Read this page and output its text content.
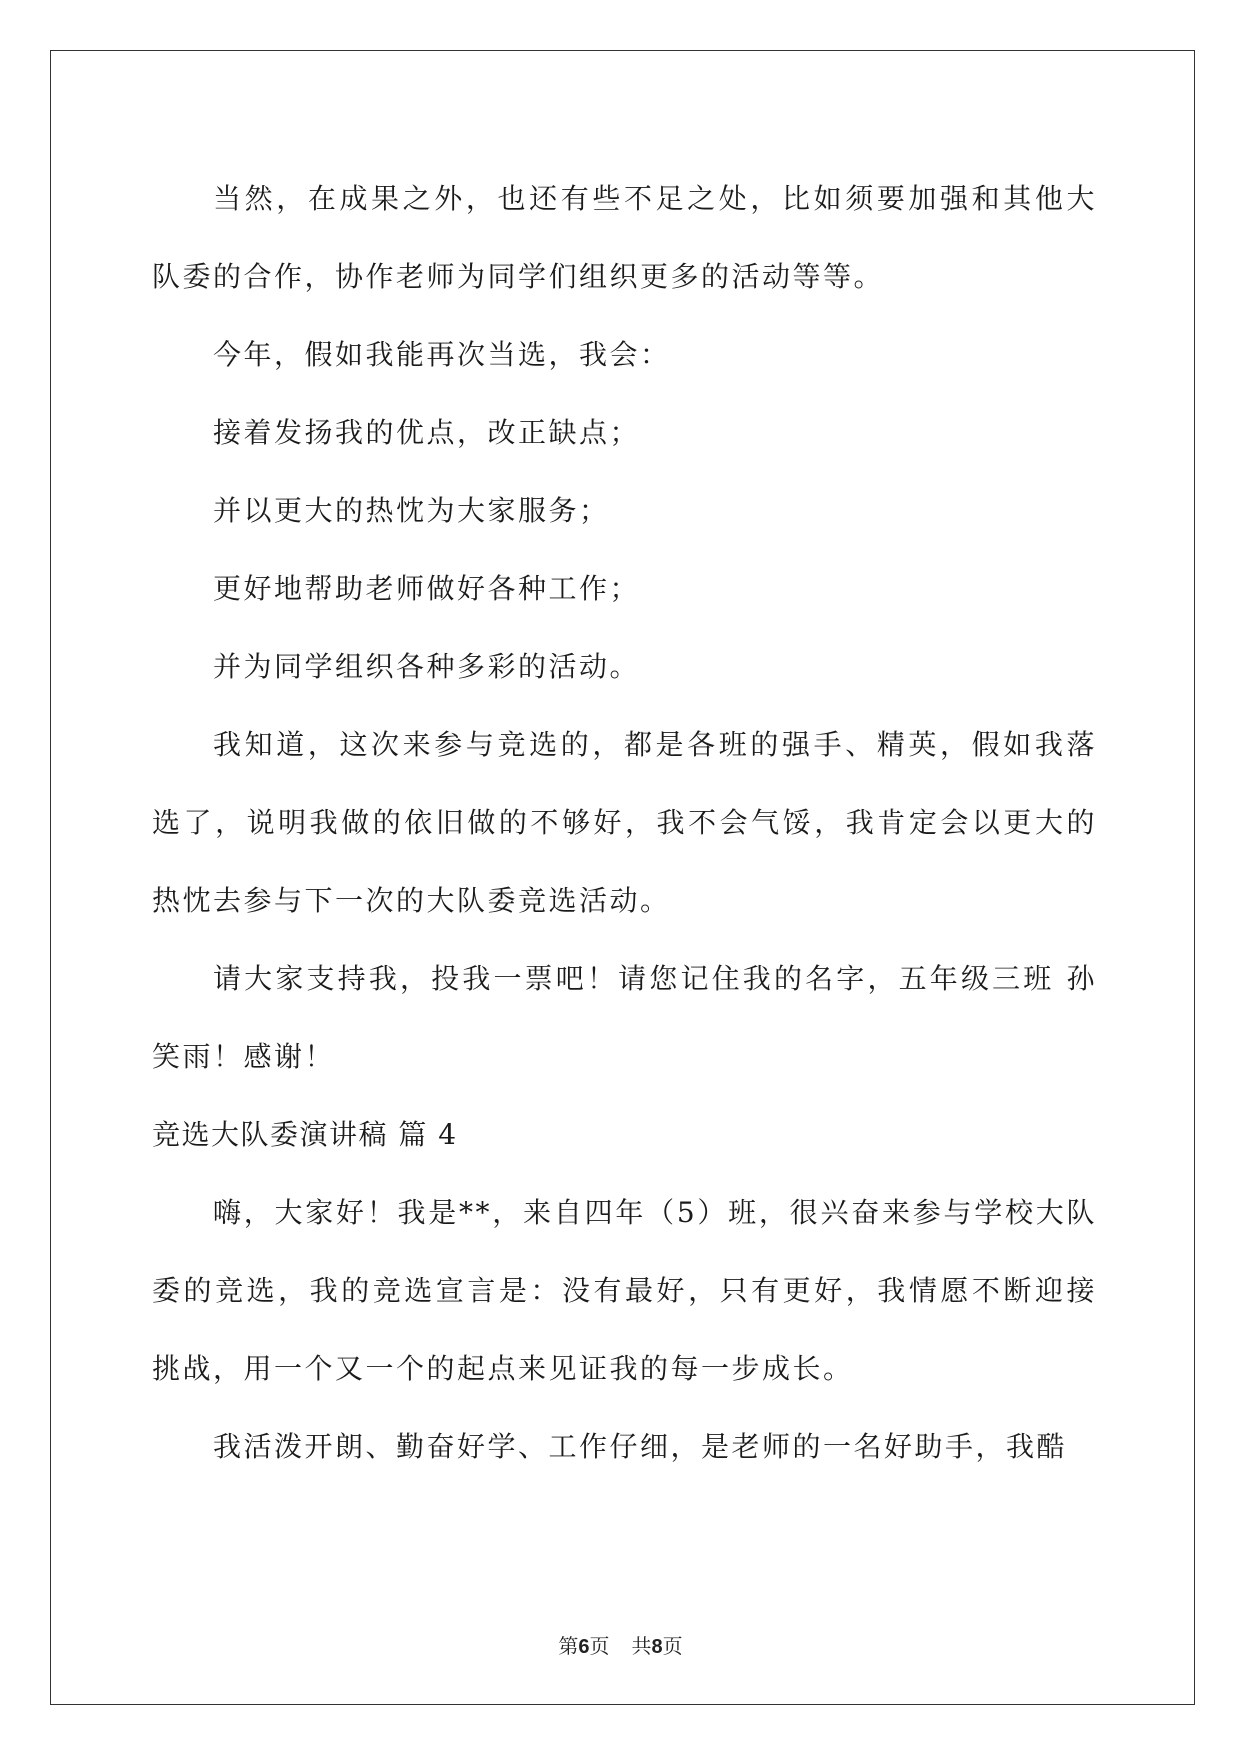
当然，在成果之外，也还有些不足之处，比如须要加强和其他大队委的合作，协作老师为同学们组织更多的活动等等。

今年，假如我能再次当选，我会：

接着发扬我的优点，改正缺点；

并以更大的热忱为大家服务；

更好地帮助老师做好各种工作；

并为同学组织各种多彩的活动。

我知道，这次来参与竞选的，都是各班的强手、精英，假如我落选了，说明我做的依旧做的不够好，我不会气馁，我肯定会以更大的热忱去参与下一次的大队委竞选活动。

请大家支持我，投我一票吧！请您记住我的名字，五年级三班 孙笑雨！感谢！

竞选大队委演讲稿 篇 4

嗨，大家好！我是**，来自四年（5）班，很兴奋来参与学校大队委的竞选，我的竞选宣言是：没有最好，只有更好，我情愿不断迎接挑战，用一个又一个的起点来见证我的每一步成长。

我活泼开朗、勤奋好学、工作仔细，是老师的一名好助手，我酷

第6页 共8页
